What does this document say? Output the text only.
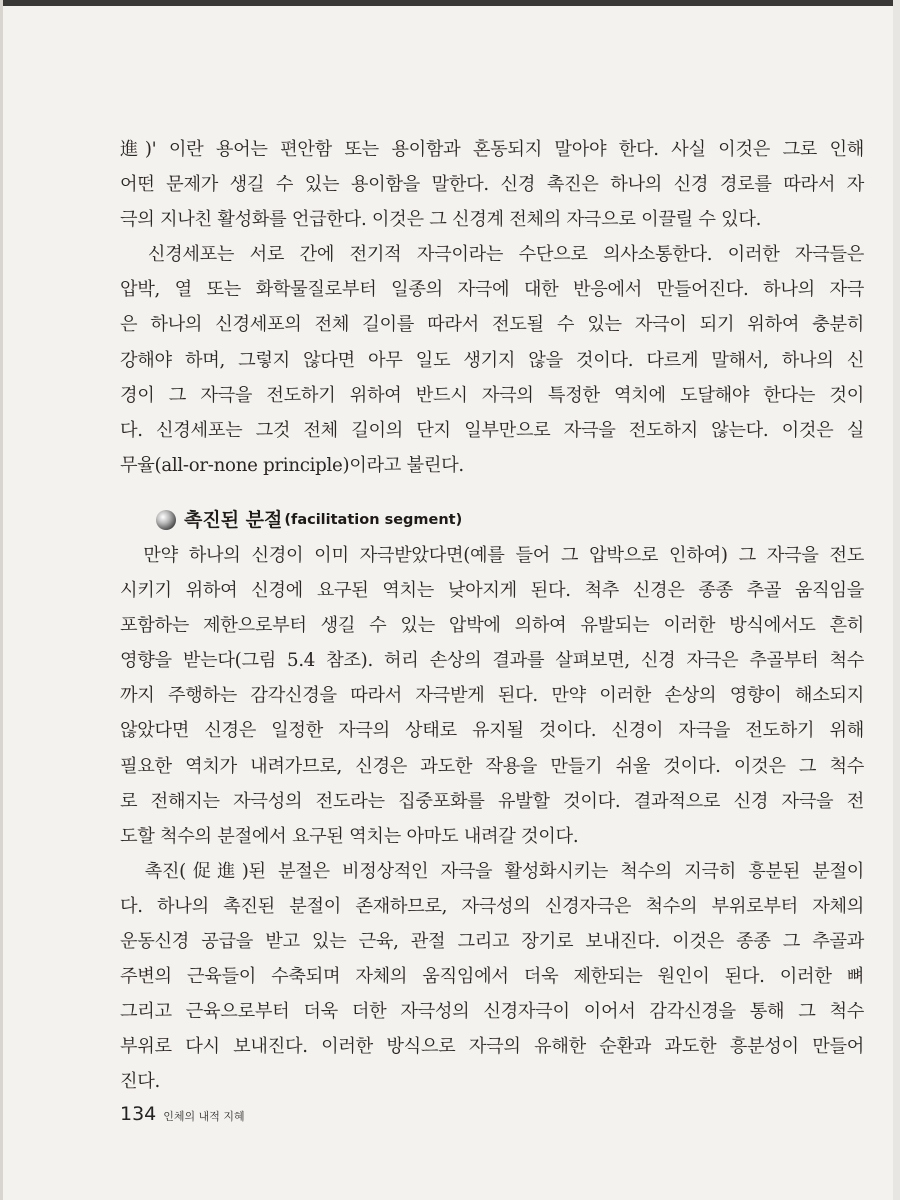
進)' 이란 용어는 편안함 또는 용이함과 혼동되지 말아야 한다. 사실 이것은 그로 인해
어떤 문제가 생길 수 있는 용이함을 말한다. 신경 촉진은 하나의 신경 경로를 따라서 자
극의 지나친 활성화를 언급한다. 이것은 그 신경계 전체의 자극으로 이끌릴 수 있다.
　신경세포는 서로 간에 전기적 자극이라는 수단으로 의사소통한다. 이러한 자극들은
압박, 열 또는 화학물질로부터 일종의 자극에 대한 반응에서 만들어진다. 하나의 자극
은 하나의 신경세포의 전체 길이를 따라서 전도될 수 있는 자극이 되기 위하여 충분히
강해야 하며, 그렇지 않다면 아무 일도 생기지 않을 것이다. 다르게 말해서, 하나의 신
경이 그 자극을 전도하기 위하여 반드시 자극의 특정한 역치에 도달해야 한다는 것이
다. 신경세포는 그것 전체 길이의 단지 일부만으로 자극을 전도하지 않는다. 이것은 실
무율(all-or-none principle)이라고 불린다.
촉진된 분절 (facilitation segment)
　만약 하나의 신경이 이미 자극받았다면(예를 들어 그 압박으로 인하여) 그 자극을 전도
시키기 위하여 신경에 요구된 역치는 낮아지게 된다. 척추 신경은 종종 추골 움직임을
포함하는 제한으로부터 생길 수 있는 압박에 의하여 유발되는 이러한 방식에서도 흔히
영향을 받는다(그림 5.4 참조). 허리 손상의 결과를 살펴보면, 신경 자극은 추골부터 척수
까지 주행하는 감각신경을 따라서 자극받게 된다. 만약 이러한 손상의 영향이 해소되지
않았다면 신경은 일정한 자극의 상태로 유지될 것이다. 신경이 자극을 전도하기 위해
필요한 역치가 내려가므로, 신경은 과도한 작용을 만들기 쉬울 것이다. 이것은 그 척수
로 전해지는 자극성의 전도라는 집중포화를 유발할 것이다. 결과적으로 신경 자극을 전
도할 척수의 분절에서 요구된 역치는 아마도 내려갈 것이다.
　촉진(促進)된 분절은 비정상적인 자극을 활성화시키는 척수의 지극히 흥분된 분절이
다. 하나의 촉진된 분절이 존재하므로, 자극성의 신경자극은 척수의 부위로부터 자체의
운동신경 공급을 받고 있는 근육, 관절 그리고 장기로 보내진다. 이것은 종종 그 추골과
주변의 근육들이 수축되며 자체의 움직임에서 더욱 제한되는 원인이 된다. 이러한 뼈
그리고 근육으로부터 더욱 더한 자극성의 신경자극이 이어서 감각신경을 통해 그 척수
부위로 다시 보내진다. 이러한 방식으로 자극의 유해한 순환과 과도한 흥분성이 만들어
진다.
134 인체의 내적 지혜
